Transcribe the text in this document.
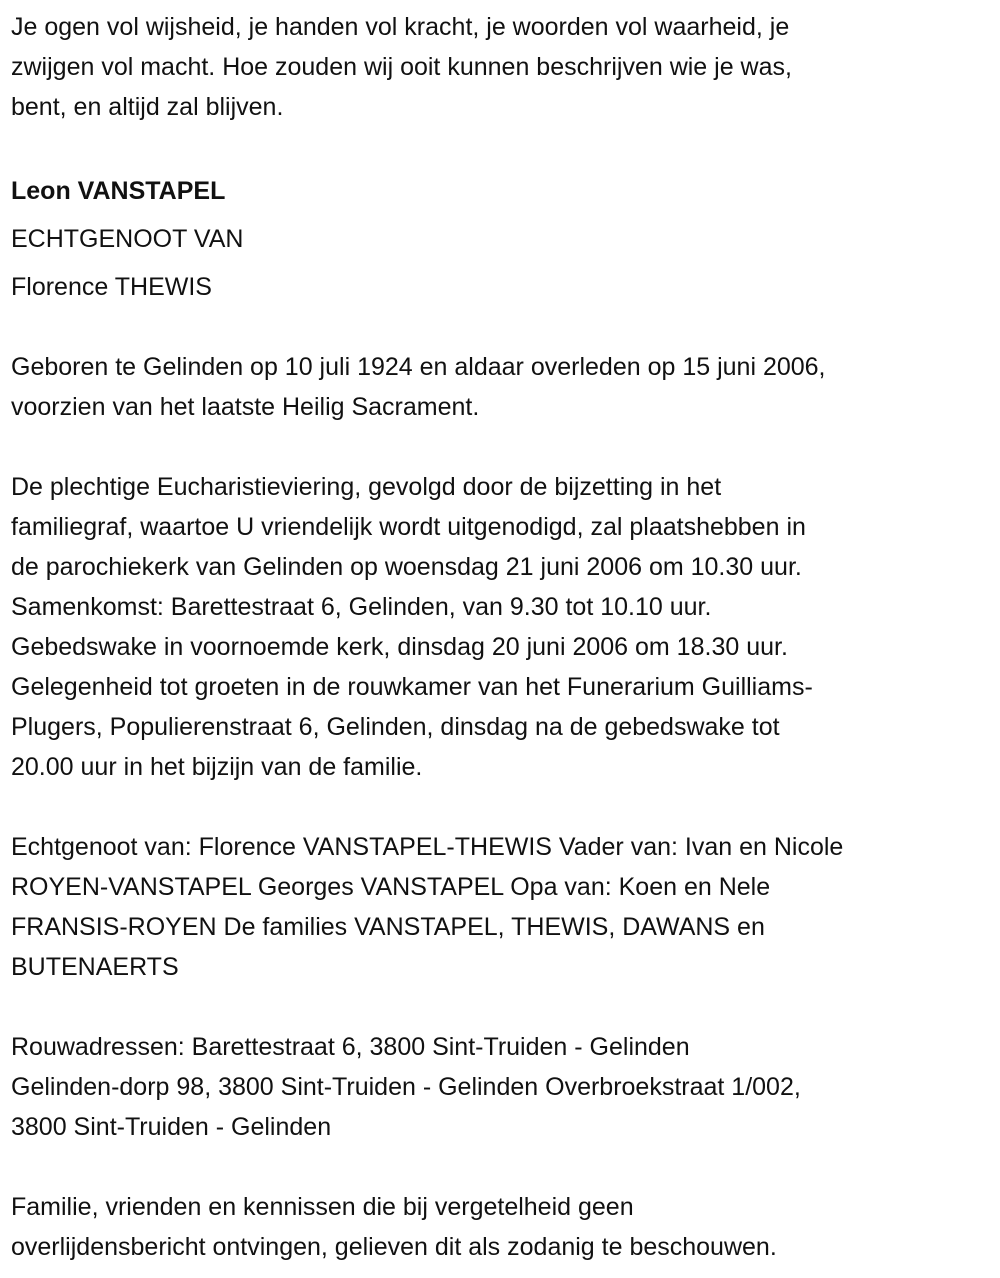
Je ogen vol wijsheid, je handen vol kracht, je woorden vol waarheid, je
zwijgen vol macht. Hoe zouden wij ooit kunnen beschrijven wie je was,
bent, en altijd zal blijven.
Leon VANSTAPEL
ECHTGENOOT VAN
Florence THEWIS
Geboren te Gelinden op 10 juli 1924 en aldaar overleden op 15 juni 2006,
voorzien van het laatste Heilig Sacrament.
De plechtige Eucharistieviering, gevolgd door de bijzetting in het
familiegraf, waartoe U vriendelijk wordt uitgenodigd, zal plaatshebben in
de parochiekerk van Gelinden op woensdag 21 juni 2006 om 10.30 uur.
Samenkomst: Barettestraat 6, Gelinden, van 9.30 tot 10.10 uur.
Gebedswake in voornoemde kerk, dinsdag 20 juni 2006 om 18.30 uur.
Gelegenheid tot groeten in de rouwkamer van het Funerarium Guilliams-
Plugers, Populierenstraat 6, Gelinden, dinsdag na de gebedswake tot
20.00 uur in het bijzijn van de familie.
Echtgenoot van: Florence VANSTAPEL-THEWIS Vader van: Ivan en Nicole
ROYEN-VANSTAPEL Georges VANSTAPEL Opa van: Koen en Nele
FRANSIS-ROYEN De families VANSTAPEL, THEWIS, DAWANS en
BUTENAERTS
Rouwadressen: Barettestraat 6, 3800 Sint-Truiden - Gelinden
Gelinden-dorp 98, 3800 Sint-Truiden - Gelinden Overbroekstraat 1/002,
3800 Sint-Truiden - Gelinden
Familie, vrienden en kennissen die bij vergetelheid geen
overlijdensbericht ontvingen, gelieven dit als zodanig te beschouwen.
